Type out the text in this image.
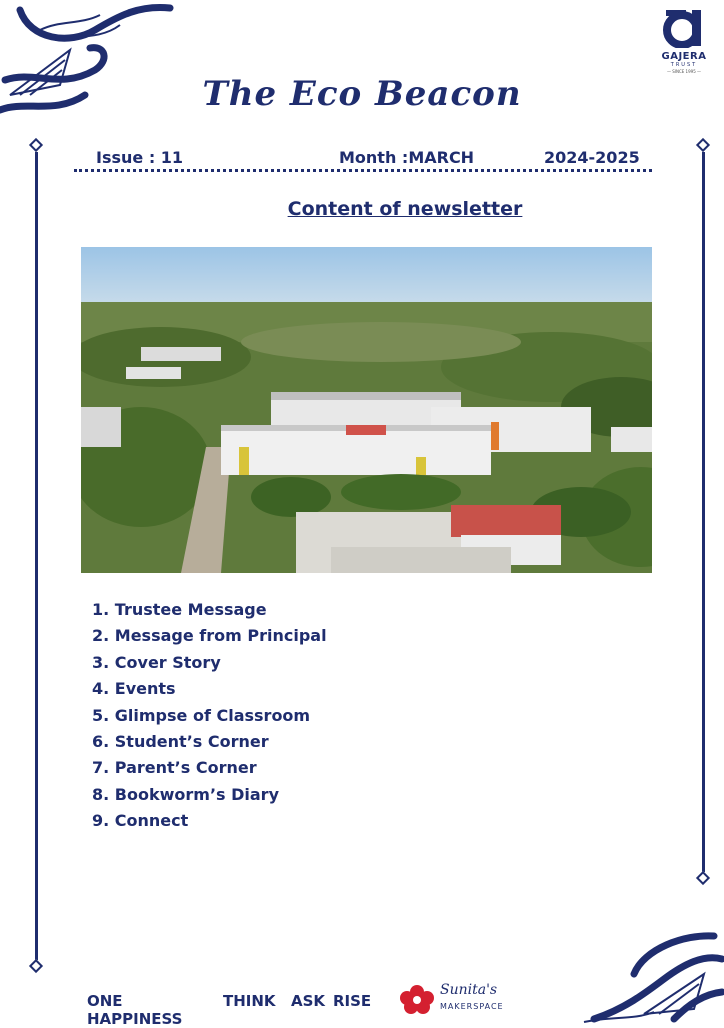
GAJERA
TRUST
— SINCE 1995 —
The Eco Beacon
Issue : 11	Month :MARCH	2024-2025
Content of newsletter
1. Trustee Message
2. Message from Principal
3. Cover Story
4. Events
5. Glimpse of Classroom
6. Student’s Corner
7. Parent’s Corner
8. Bookworm’s Diary
9. Connect
ONE HAPPINESS
THINK ASK RISE
Sunita's
MAKERSPACE
